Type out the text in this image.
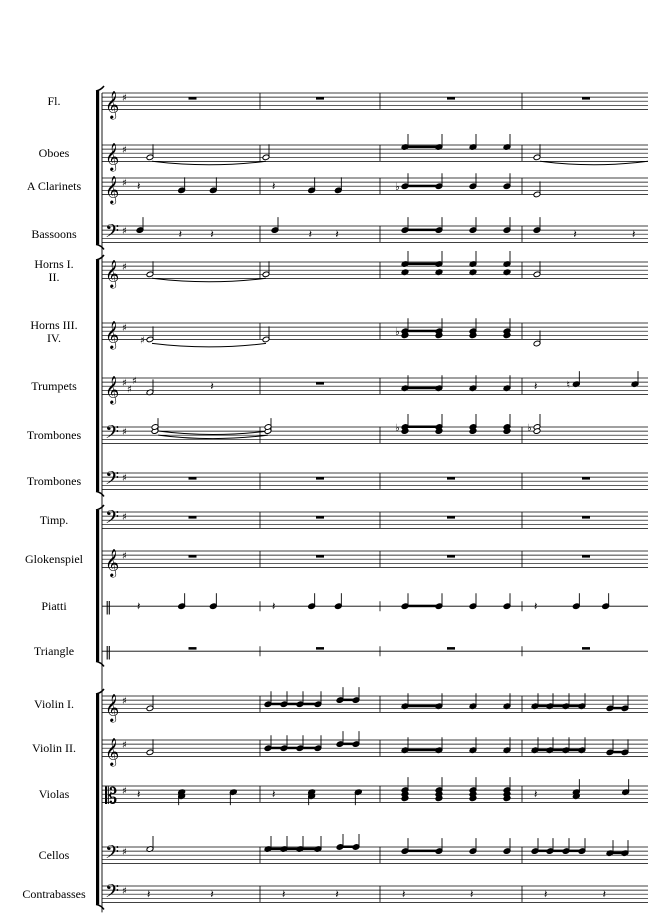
Fl.
Oboes
A Clarinets
Bassoons
Horns I. II.
Horns III. IV.
Trumpets
Trombones
Trombones
Timp.
Glokenspiel
Piatti
Triangle
Violin I.
Violin II.
Violas
Cellos
Contrabasses
𝄞 ♯
𝄞 ♯
𝄞 ♯
𝄢 ♯
𝄞 ♯
𝄞 ♯
𝄞 ♯
♯
♯
𝄢 ♯
𝄢 ♯
𝄢 ♯
𝄞 ♯
‖
‖
𝄞 ♯
𝄞 ♯
𝄡 ♯
𝄢 ♯
𝄢 ♯
𝄽	𝄽	♭
𝄽	𝄽	𝄽 𝄽	𝄽	𝄽
♯
♭
𝄽	𝄽	♮
♭	♭
𝄽	𝄽	𝄽
𝄽	𝄽	𝄽
𝄽	𝄽	𝄽	𝄽	𝄽	𝄽	𝄽	𝄽
